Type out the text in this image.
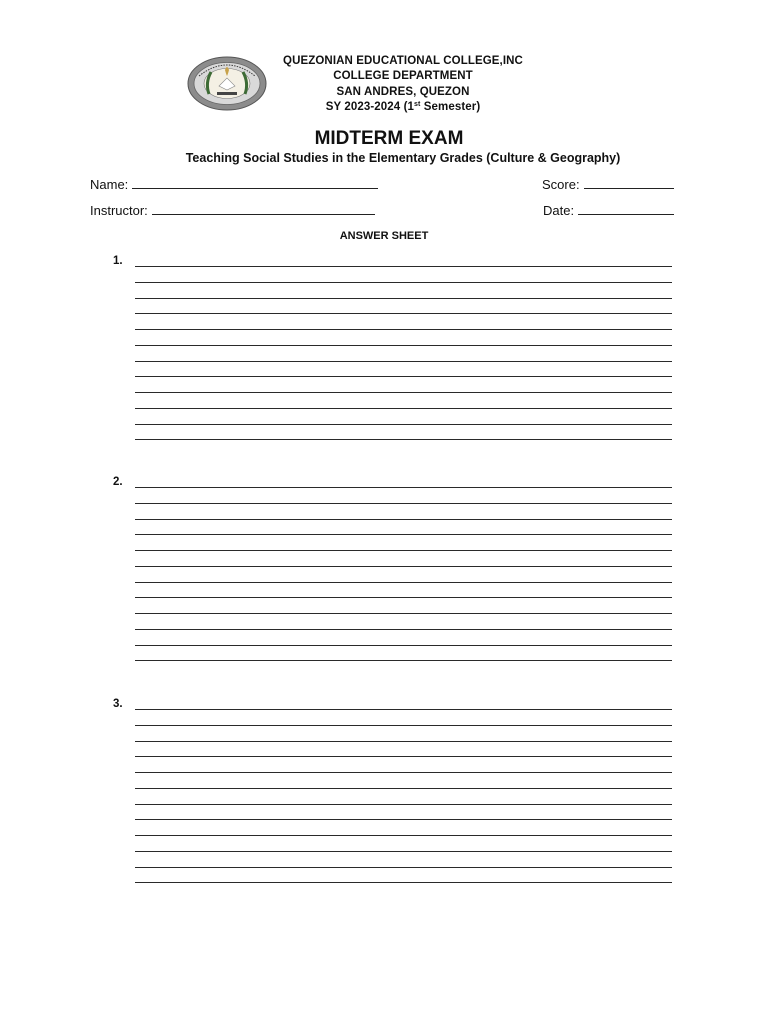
QUEZONIAN EDUCATIONAL COLLEGE,INC
COLLEGE DEPARTMENT
SAN ANDRES, QUEZON
SY 2023-2024 (1st Semester)
MIDTERM EXAM
Teaching Social Studies in the Elementary Grades (Culture & Geography)
Name:	Score:
Instructor:	Date:
ANSWER SHEET
1.
2.
3.
